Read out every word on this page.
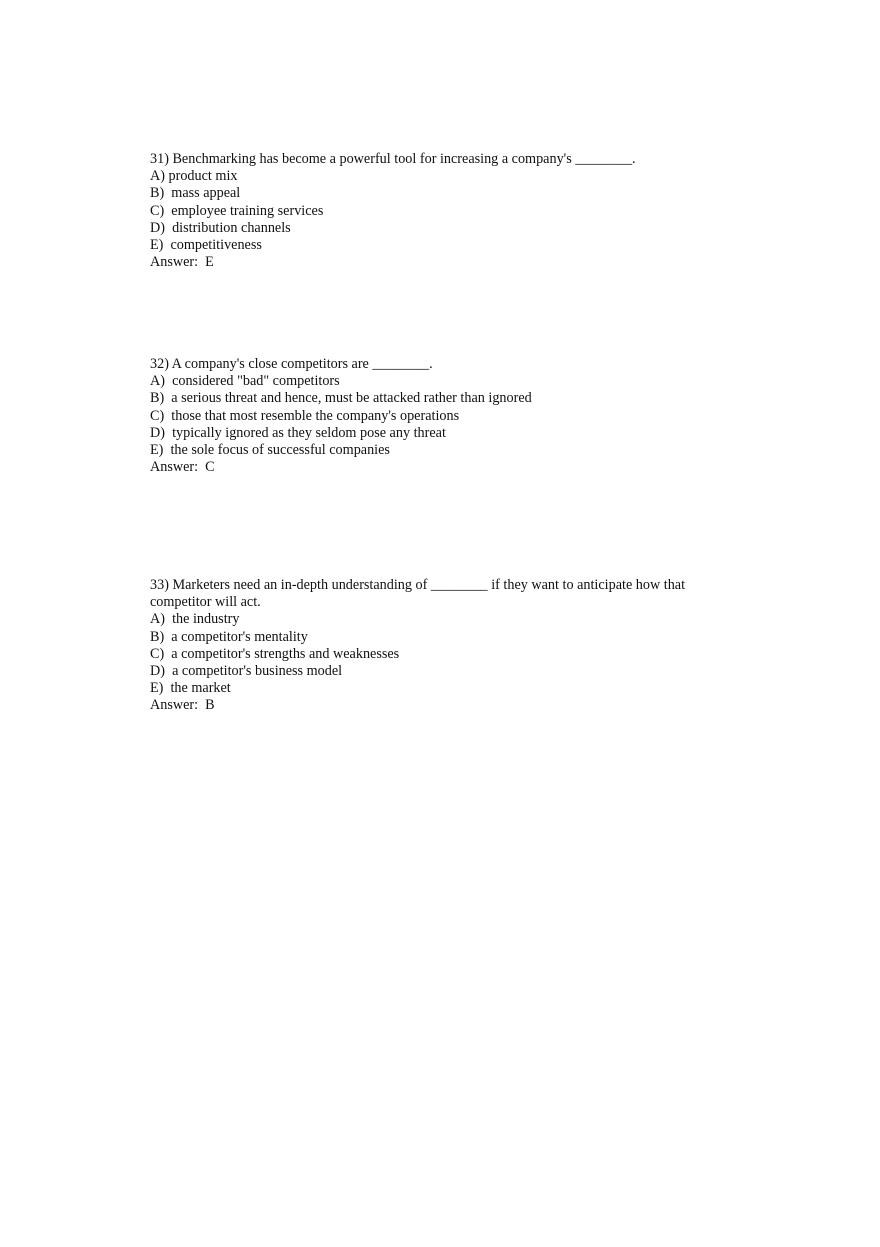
31) Benchmarking has become a powerful tool for increasing a company's ________.
A) product mix
B)  mass appeal
C)  employee training services
D)  distribution channels
E)  competitiveness
Answer:  E
32) A company's close competitors are ________.
A)  considered "bad" competitors
B)  a serious threat and hence, must be attacked rather than ignored
C)  those that most resemble the company's operations
D)  typically ignored as they seldom pose any threat
E)  the sole focus of successful companies
Answer:  C
33) Marketers need an in-depth understanding of ________ if they want to anticipate how that competitor will act.
A)  the industry
B)  a competitor's mentality
C)  a competitor's strengths and weaknesses
D)  a competitor's business model
E)  the market
Answer:  B
